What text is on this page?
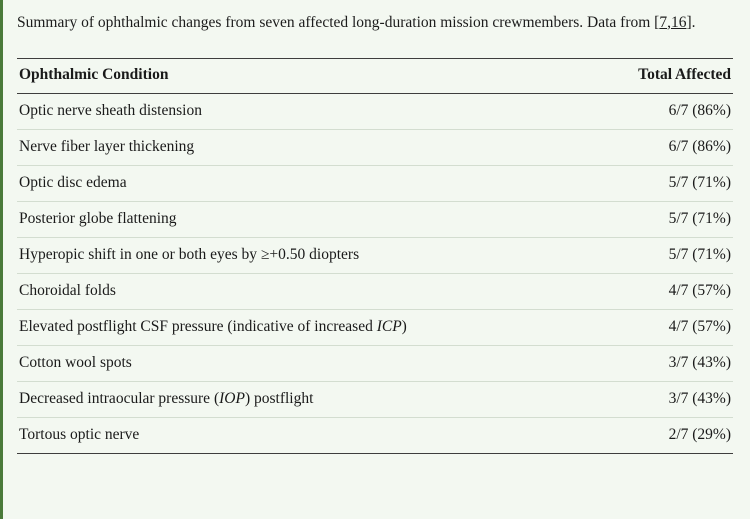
Summary of ophthalmic changes from seven affected long-duration mission crewmembers. Data from [7,16].

Ophthalmic Condition	Total Affected
Optic nerve sheath distension	6/7 (86%)
Nerve fiber layer thickening	6/7 (86%)
Optic disc edema	5/7 (71%)
Posterior globe flattening	5/7 (71%)
Hyperopic shift in one or both eyes by ≥+0.50 diopters	5/7 (71%)
Choroidal folds	4/7 (57%)
Elevated postflight CSF pressure (indicative of increased ICP)	4/7 (57%)
Cotton wool spots	3/7 (43%)
Decreased intraocular pressure (IOP) postflight	3/7 (43%)
Tortous optic nerve	2/7 (29%)
